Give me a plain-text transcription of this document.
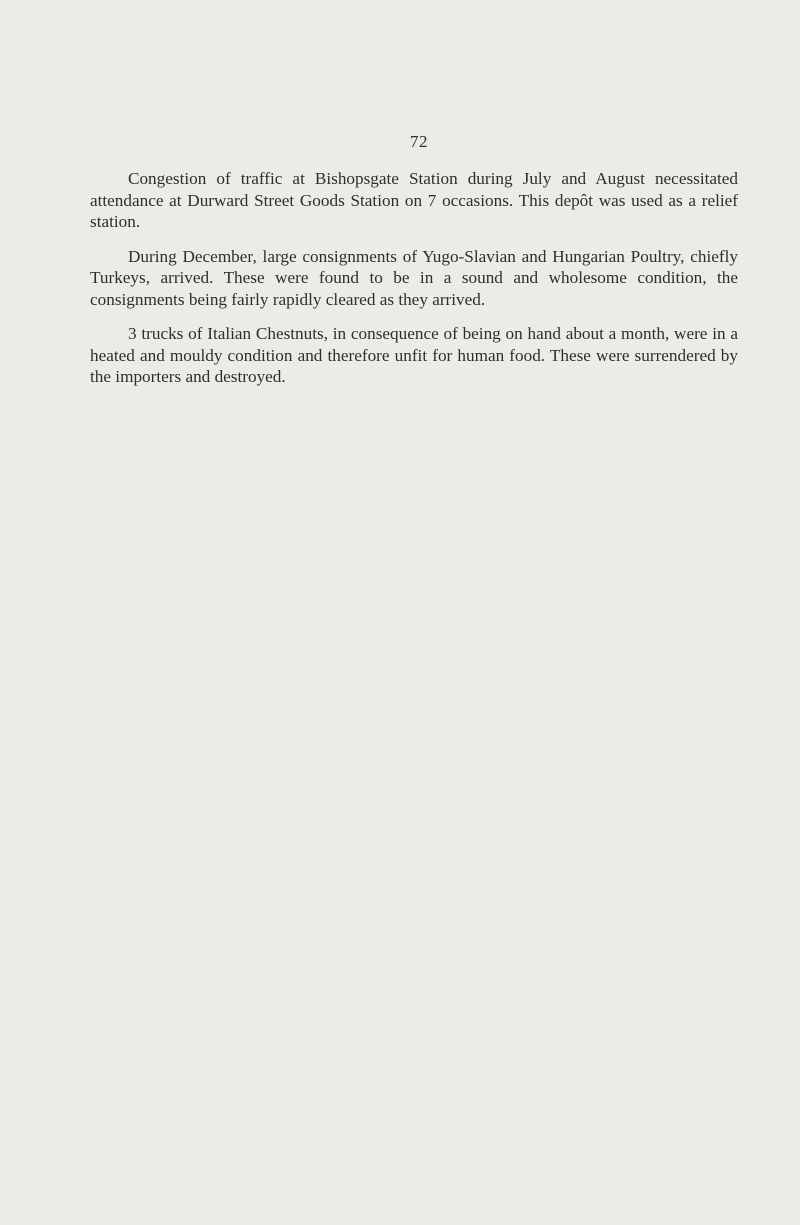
72

Congestion of traffic at Bishopsgate Station during July and August necessitated attendance at Durward Street Goods Station on 7 occasions. This depôt was used as a relief station.

During December, large consignments of Yugo-Slavian and Hungarian Poultry, chiefly Turkeys, arrived. These were found to be in a sound and wholesome condition, the consignments being fairly rapidly cleared as they arrived.

3 trucks of Italian Chestnuts, in consequence of being on hand about a month, were in a heated and mouldy condition and therefore unfit for human food. These were surrendered by the importers and destroyed.
